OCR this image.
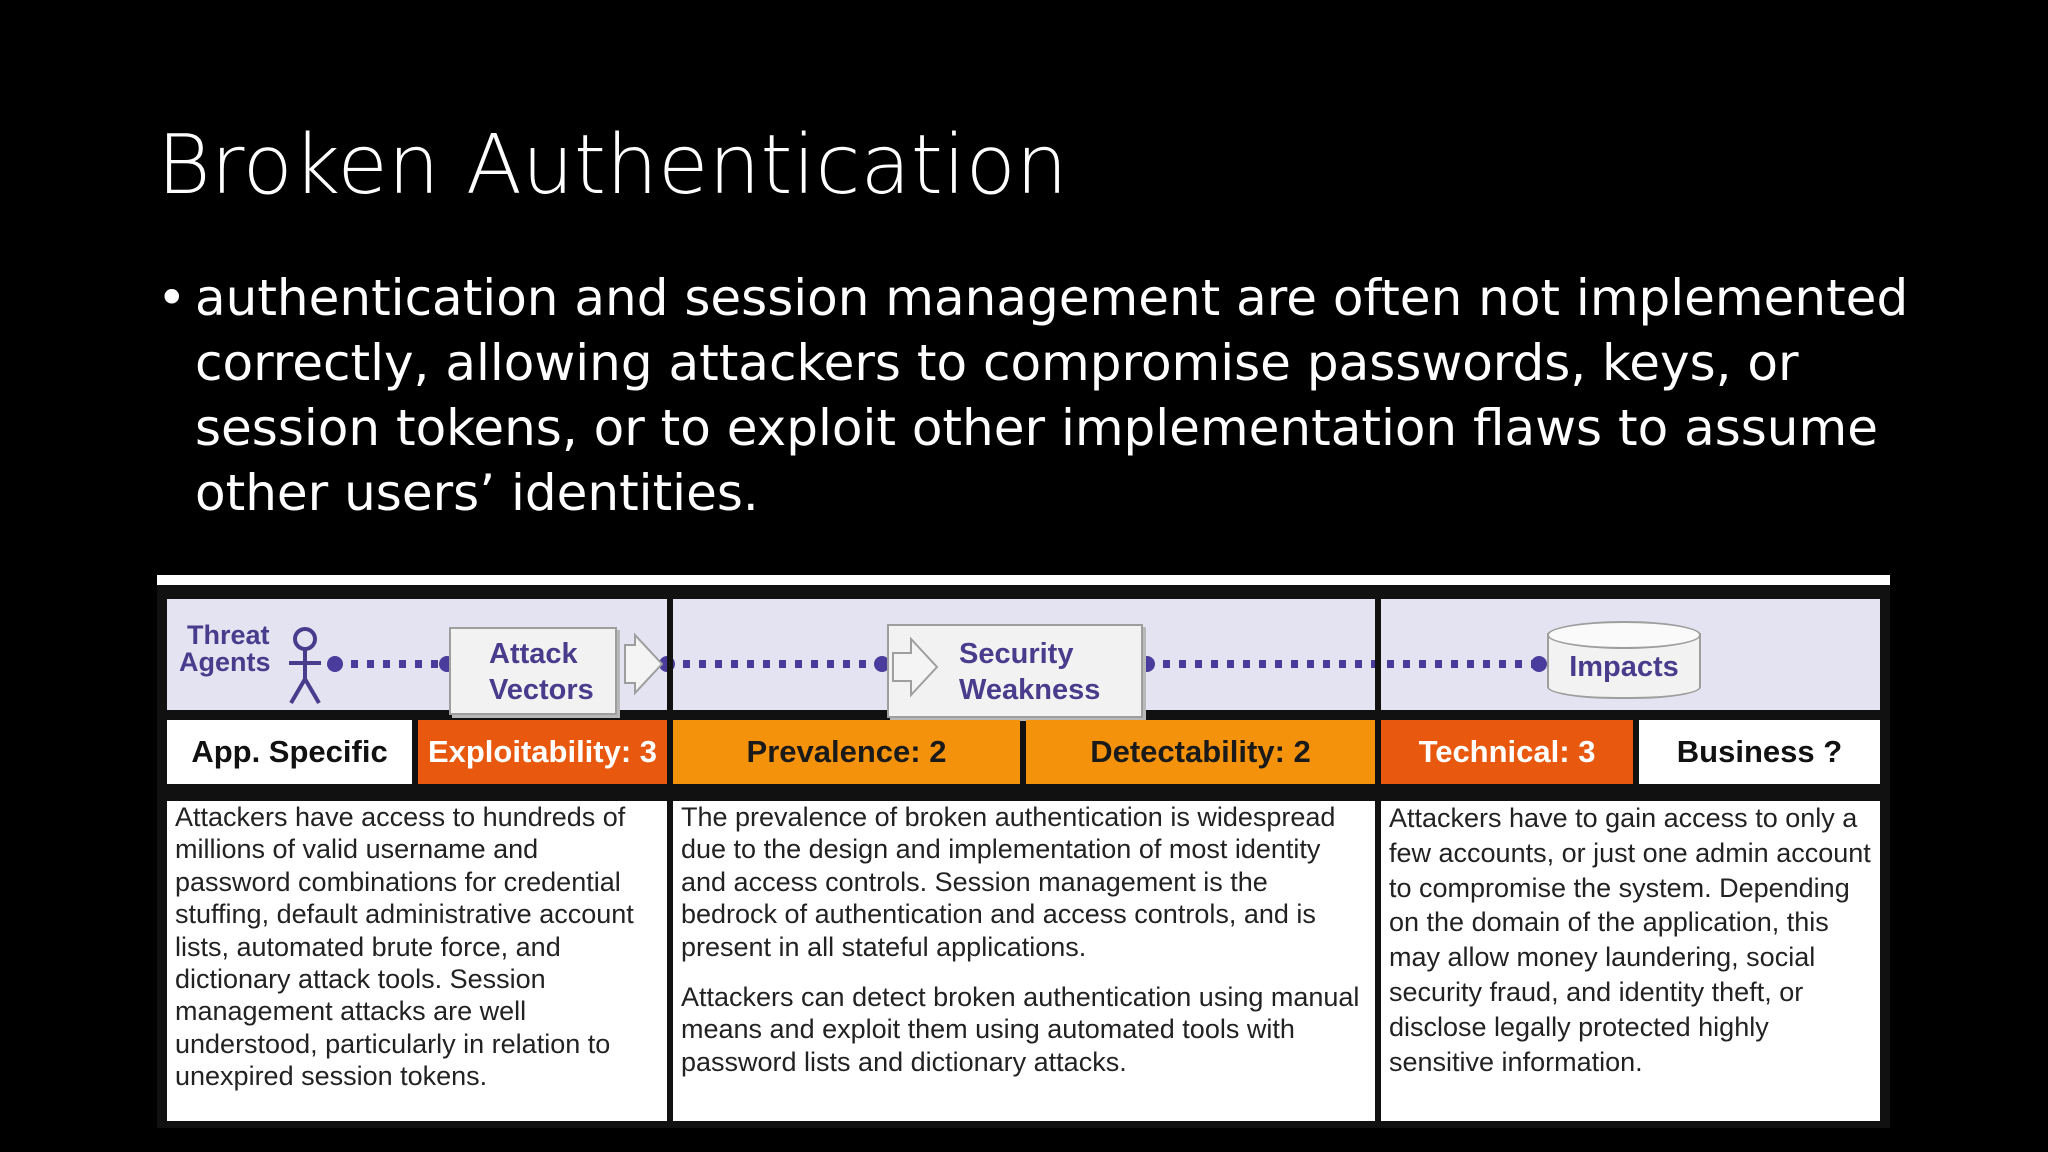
Broken Authentication
• authentication and session management are often not implemented correctly, allowing attackers to compromise passwords, keys, or session tokens, or to exploit other implementation flaws to assume other users’ identities.
Threat
Agents	Attack
Vectors
Security
Weakness
Impacts
App. Specific	Exploitability: 3	Prevalence: 2	Detectability: 2	Technical: 3	Business ?

Attackers have access to hundreds of millions of valid username and password combinations for credential stuffing, default administrative account lists, automated brute force, and dictionary attack tools. Session management attacks are well understood, particularly in relation to unexpired session tokens.

The prevalence of broken authentication is widespread due to the design and implementation of most identity and access controls. Session management is the bedrock of authentication and access controls, and is present in all stateful applications.

Attackers can detect broken authentication using manual means and exploit them using automated tools with password lists and dictionary attacks.

Attackers have to gain access to only a few accounts, or just one admin account to compromise the system. Depending on the domain of the application, this may allow money laundering, social security fraud, and identity theft, or disclose legally protected highly sensitive information.
